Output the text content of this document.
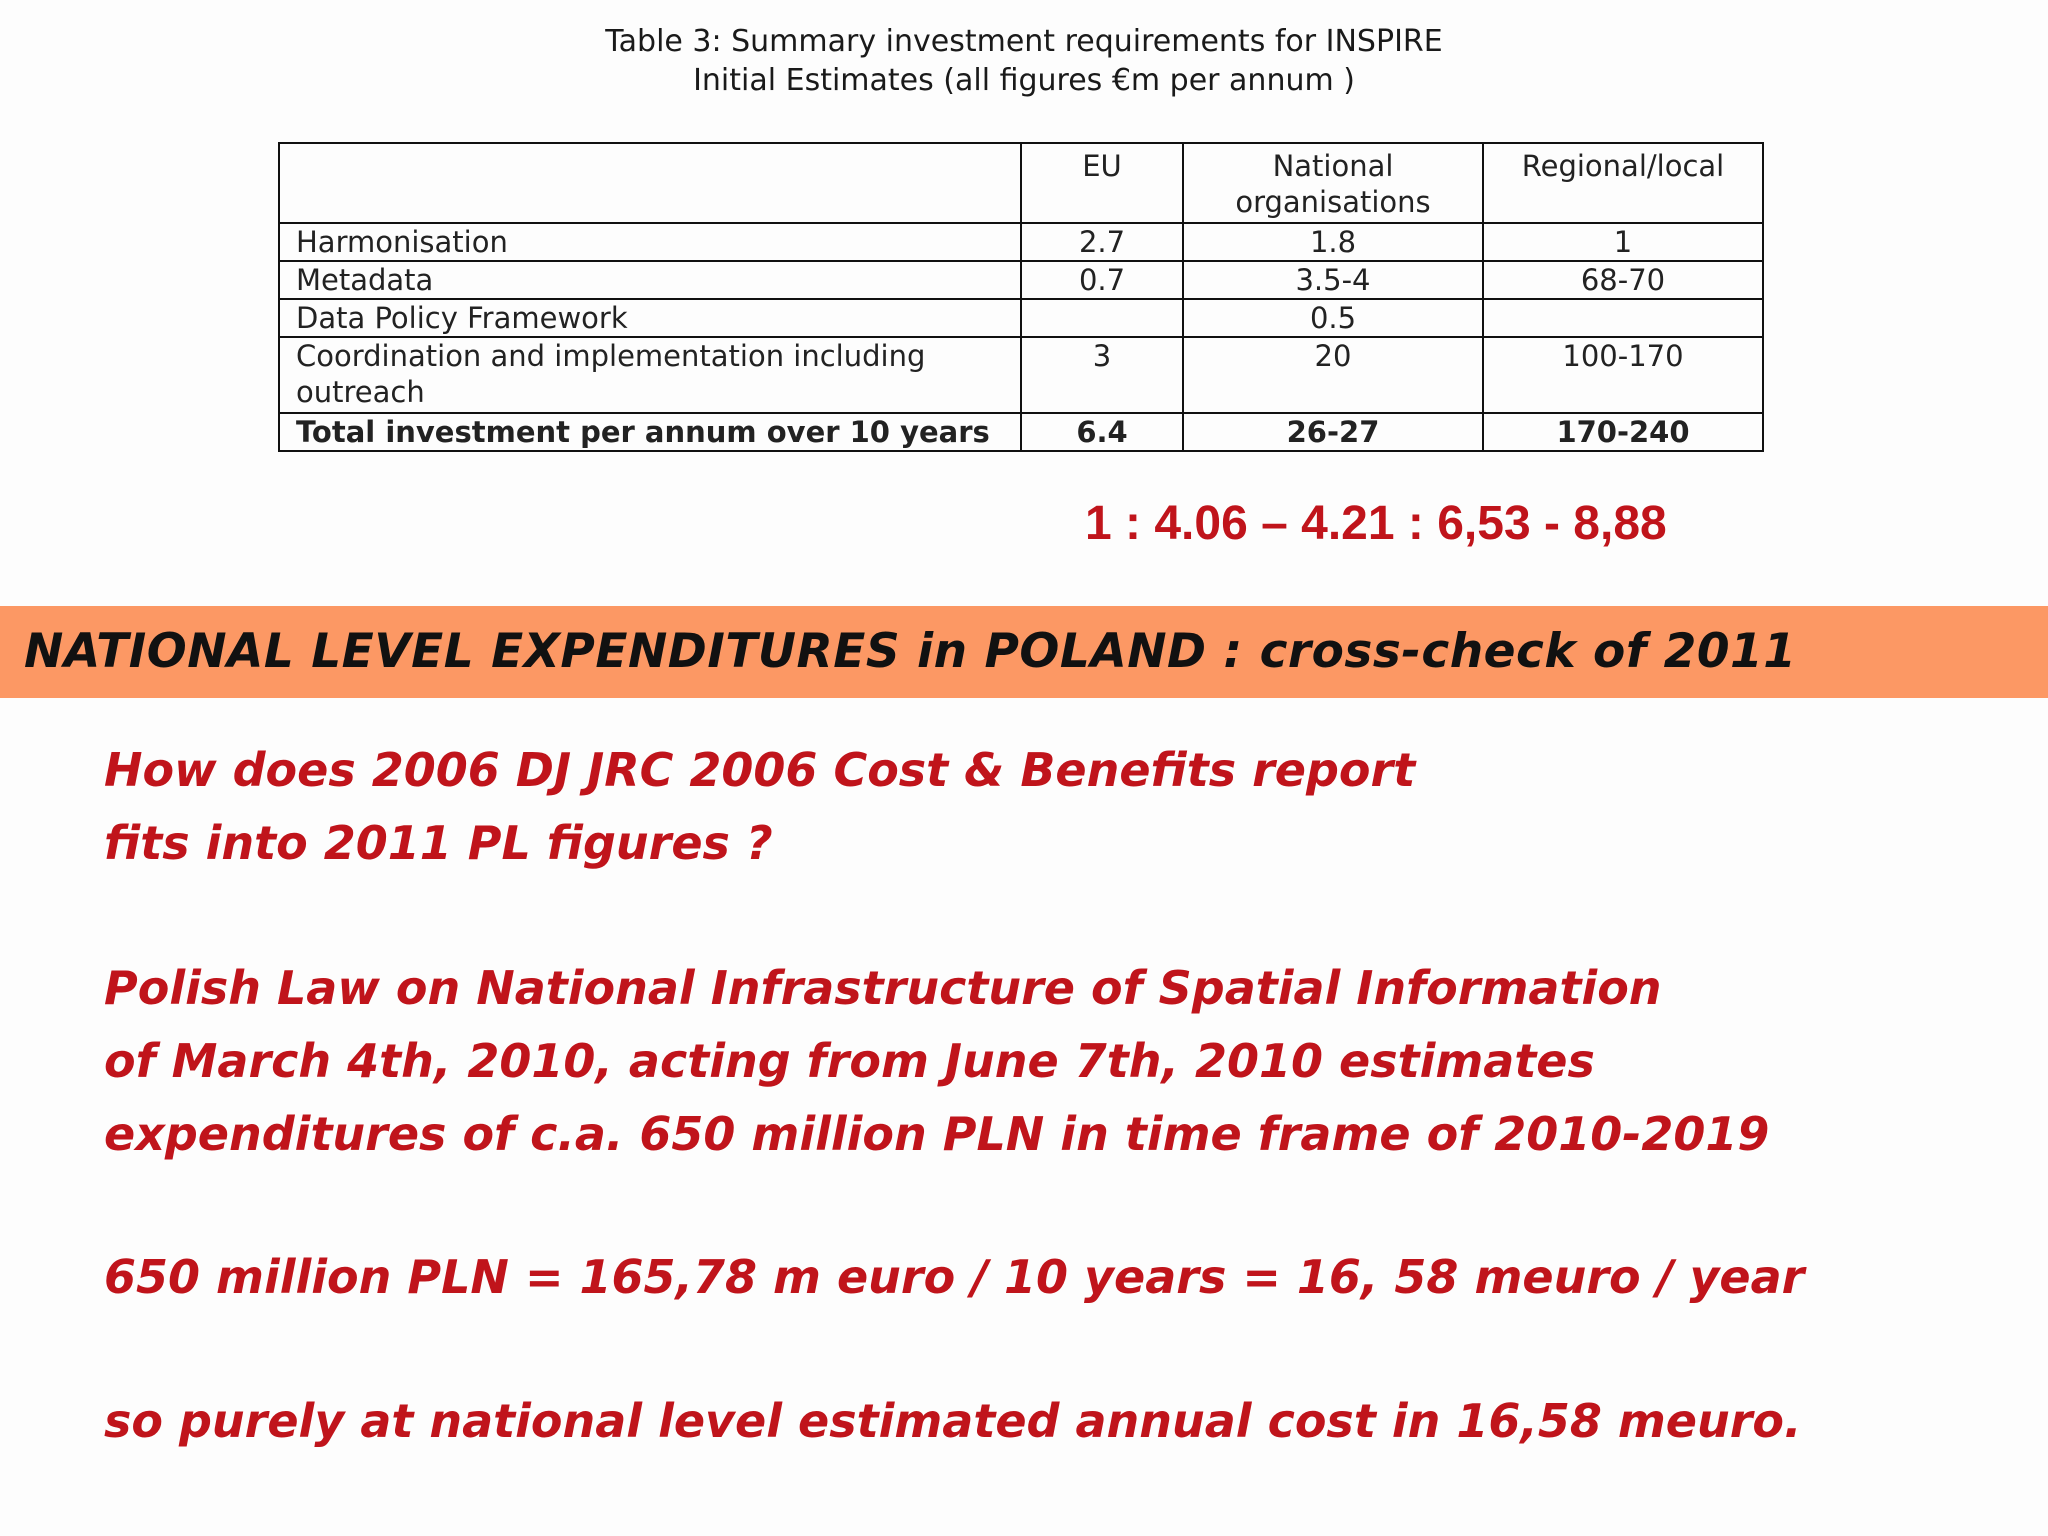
Table 3: Summary investment requirements for INSPIRE
Initial Estimates (all figures €m per annum )
	EU	National organisations	Regional/local
Harmonisation	2.7	1.8	1
Metadata	0.7	3.5-4	68-70
Data Policy Framework		0.5	
Coordination and implementation including outreach	3	20	100-170
Total investment per annum over 10 years	6.4	26-27	170-240
1 : 4.06 – 4.21 : 6,53 - 8,88
NATIONAL LEVEL EXPENDITURES in POLAND : cross-check of 2011
How does 2006 DJ JRC 2006 Cost & Benefits report
fits into 2011 PL figures ?
Polish Law on National Infrastructure of Spatial Information
of March 4th, 2010, acting from June 7th, 2010 estimates
expenditures of c.a. 650 million PLN in time frame of 2010-2019
650 million PLN = 165,78 m euro / 10 years = 16, 58 meuro / year
so purely at national level estimated annual cost in 16,58 meuro.
